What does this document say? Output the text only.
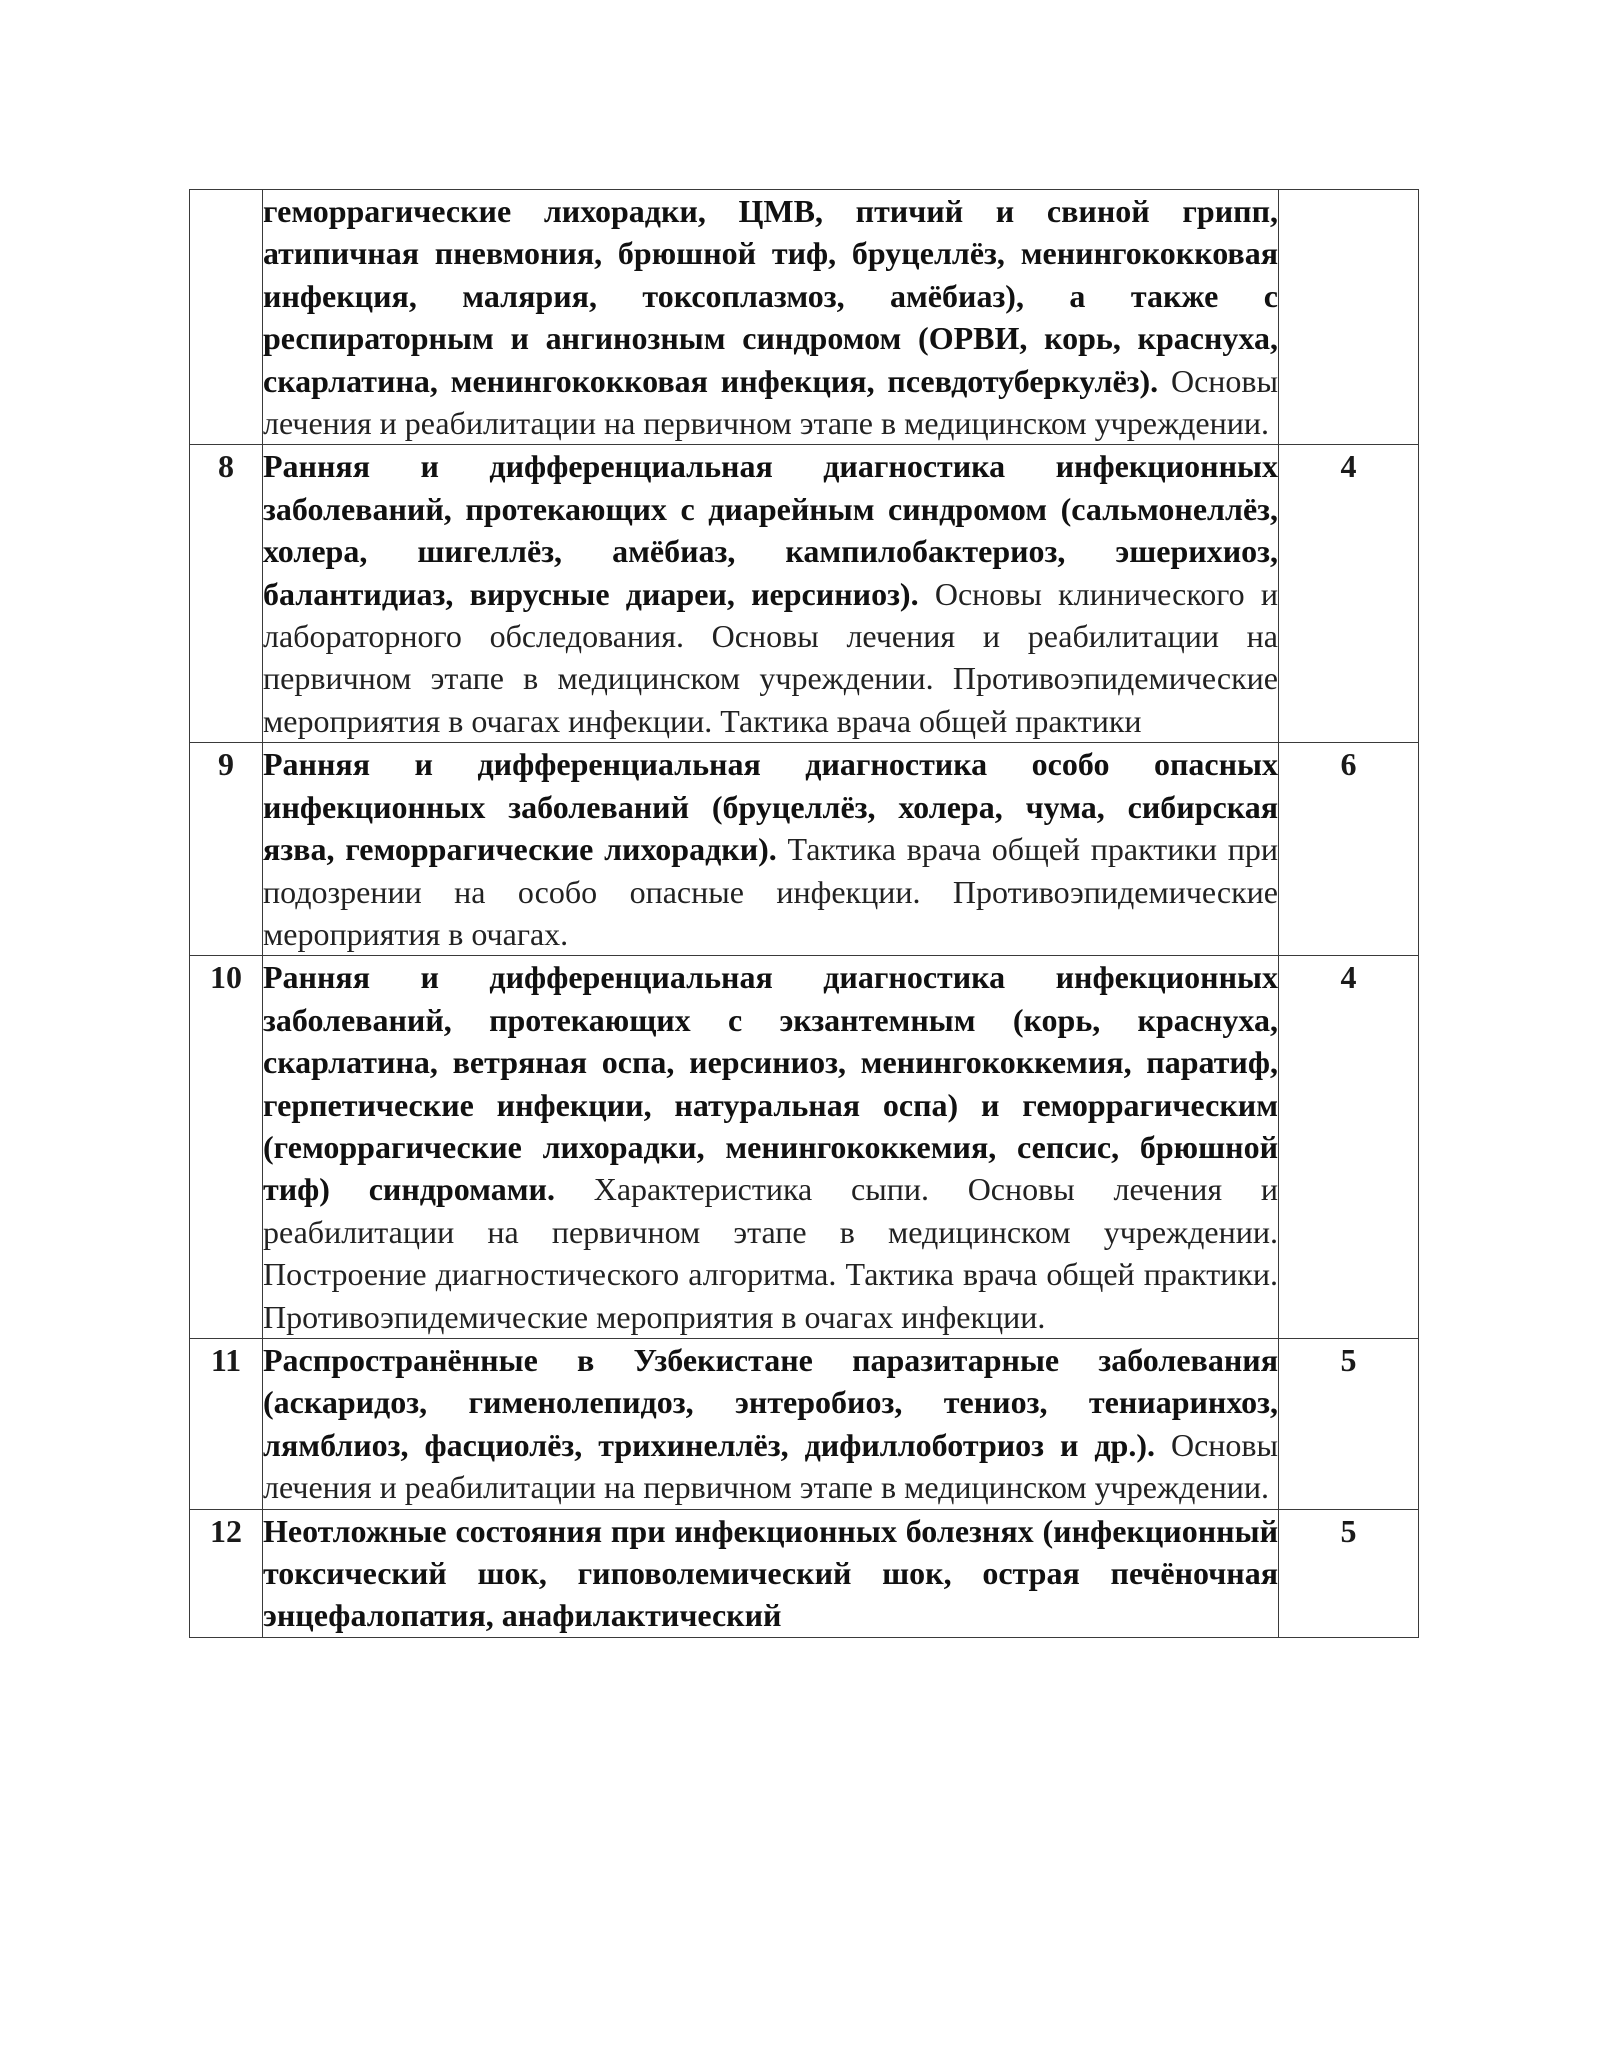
	геморрагические лихорадки, ЦМВ, птичий и свиной грипп, атипичная пневмония, брюшной тиф, бруцеллёз, менингококковая инфекция, малярия, токсоплазмоз, амёбиаз), а также с респираторным и ангинозным синдромом (ОРВИ, корь, краснуха, скарлатина, менингококковая инфекция, псевдотуберкулёз). Основы лечения и реабилитации на первичном этапе в медицинском учреждении.	
8	Ранняя и дифференциальная диагностика инфекционных заболеваний, протекающих с диарейным синдромом (сальмонеллёз, холера, шигеллёз, амёбиаз, кампилобактериоз, эшерихиоз, балантидиаз, вирусные диареи, иерсиниоз). Основы клинического и лабораторного обследования. Основы лечения и реабилитации на первичном этапе в медицинском учреждении. Противоэпидемические мероприятия в очагах инфекции. Тактика врача общей практики	4
9	Ранняя и дифференциальная диагностика особо опасных инфекционных заболеваний (бруцеллёз, холера, чума, сибирская язва, геморрагические лихорадки). Тактика врача общей практики при подозрении на особо опасные инфекции. Противоэпидемические мероприятия в очагах.	6
10	Ранняя и дифференциальная диагностика инфекционных заболеваний, протекающих с экзантемным (корь, краснуха, скарлатина, ветряная оспа, иерсиниоз, менингококкемия, паратиф, герпетические инфекции, натуральная оспа) и геморрагическим (геморрагические лихорадки, менингококкемия, сепсис, брюшной тиф) синдромами. Характеристика сыпи. Основы лечения и реабилитации на первичном этапе в медицинском учреждении. Построение диагностического алгоритма. Тактика врача общей практики. Противоэпидемические мероприятия в очагах инфекции.	4
11	Распространённые в Узбекистане паразитарные заболевания (аскаридоз, гименолепидоз, энтеробиоз, тениоз, тениаринхоз, лямблиоз, фасциолёз, трихинеллёз, дифиллоботриоз и др.). Основы лечения и реабилитации на первичном этапе в медицинском учреждении.	5
12	Неотложные состояния при инфекционных болезнях (инфекционный токсический шок, гиповолемический шок, острая печёночная энцефалопатия, анафилактический	5
